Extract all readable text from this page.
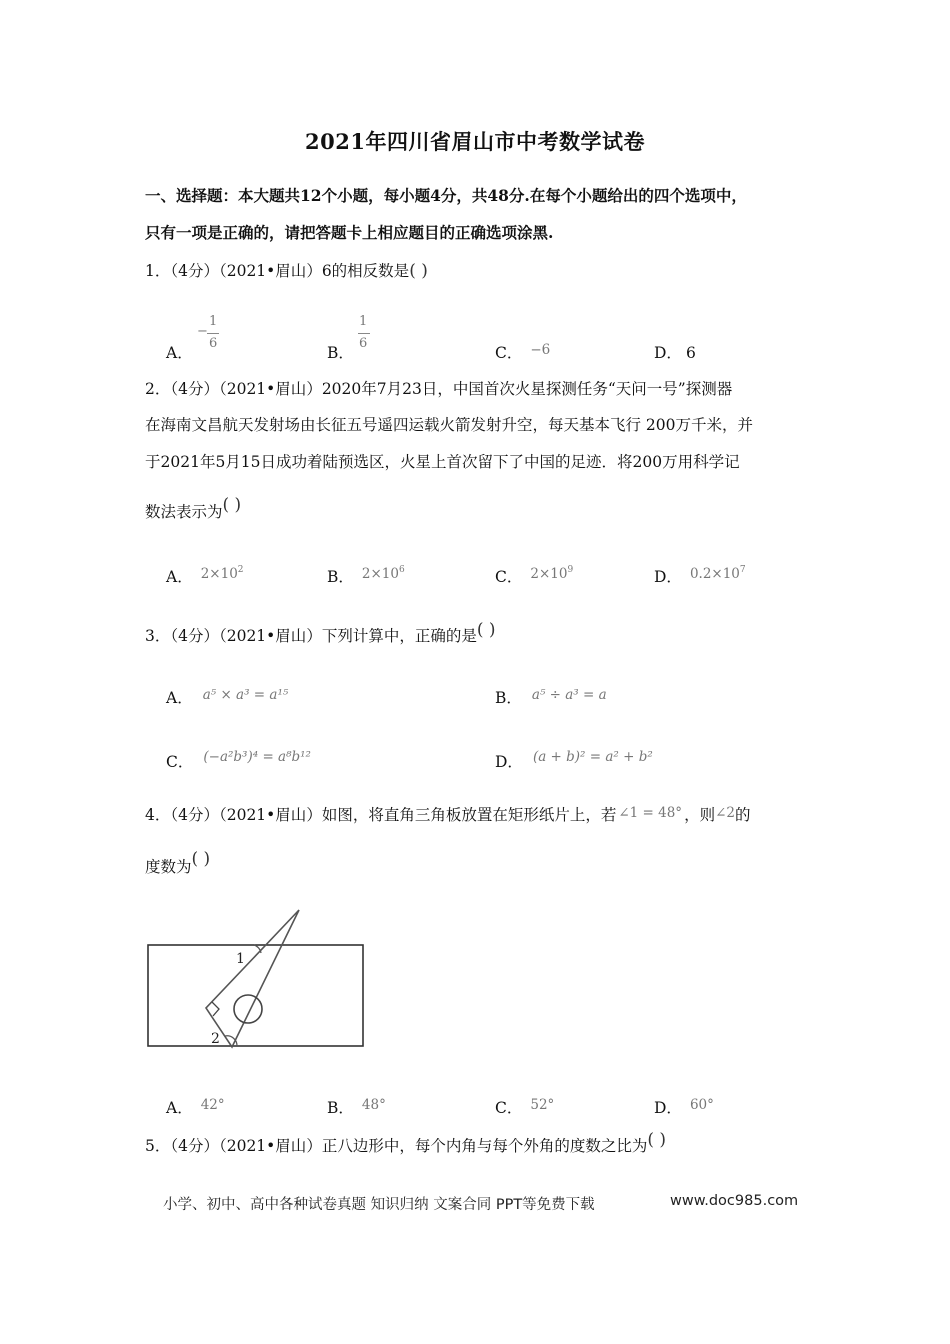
2021年四川省眉山市中考数学试卷
一、选择题：本大题共12个小题，每小题4分，共48分.在每个小题给出的四个选项中，
只有一项是正确的，请把答题卡上相应题目的正确选项涂黑.
1．（4分）（2021•眉山）6的相反数是( )
A．
−
1
6
B．
1
6
C． −6	D． 6
2．（4分）（2021•眉山）2020年7月23日，中国首次火星探测任务“天问一号”探测器
在海南文昌航天发射场由长征五号遥四运载火箭发射升空，每天基本飞行 200万千米，并
于2021年5月15日成功着陆预选区，火星上首次留下了中国的足迹．将200万用科学记
数法表示为( )
A． $2\times 10^2$	B． $2\times 10^6$	C． $2\times 10^9$	D． $0.2\times 10^7$
3．（4分）（2021•眉山）下列计算中，正确的是( )
A． a⁵ × a³ = a¹⁵	B． a⁵ ÷ a³ = a
C． (−a²b³)⁴ = a⁸b¹²	D． (a + b)² = a² + b²
4．（4分）（2021•眉山）如图，将直角三角板放置在矩形纸片上，若 ∠1 = 48° ，则∠2的
度数为( )
1
2
A． 42°	B． 48°	C． 52°	D． 60°
5．（4分）（2021•眉山）正八边形中，每个内角与每个外角的度数之比为( )
小学、初中、高中各种试卷真题 知识归纳 文案合同 PPT等免费下载	www.doc985.com
